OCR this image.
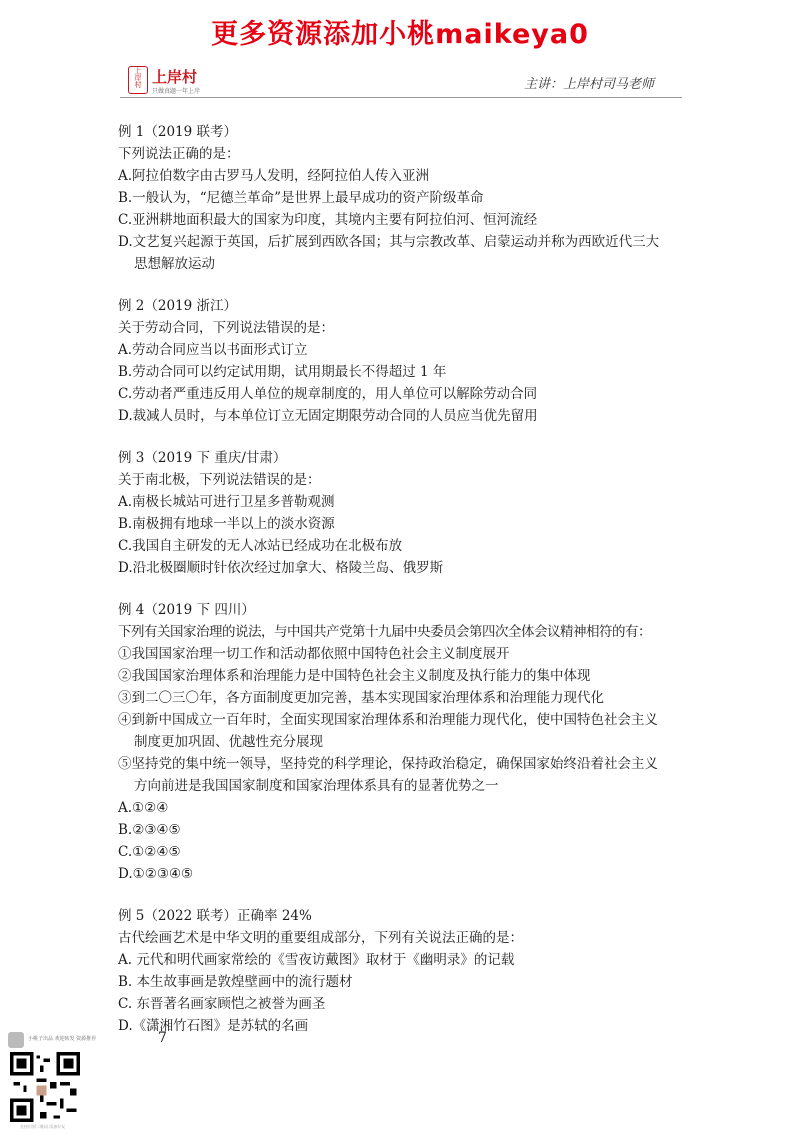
更多资源添加小桃maikeya0
上岸村 上岸村
只做真题一年上岸	主讲：上岸村司马老师

例 1（2019 联考）

下列说法正确的是：

A.阿拉伯数字由古罗马人发明，经阿拉伯人传入亚洲

B.一般认为，“尼德兰革命”是世界上最早成功的资产阶级革命

C.亚洲耕地面积最大的国家为印度，其境内主要有阿拉伯河、恒河流经

D.文艺复兴起源于英国，后扩展到西欧各国；其与宗教改革、启蒙运动并称为西欧近代三大

思想解放运动

例 2（2019 浙江）

关于劳动合同，下列说法错误的是：

A.劳动合同应当以书面形式订立

B.劳动合同可以约定试用期，试用期最长不得超过 1 年

C.劳动者严重违反用人单位的规章制度的，用人单位可以解除劳动合同

D.裁减人员时，与本单位订立无固定期限劳动合同的人员应当优先留用

例 3（2019 下 重庆/甘肃）

关于南北极，下列说法错误的是：

A.南极长城站可进行卫星多普勒观测

B.南极拥有地球一半以上的淡水资源

C.我国自主研发的无人冰站已经成功在北极布放

D.沿北极圈顺时针依次经过加拿大、格陵兰岛、俄罗斯

例 4（2019 下 四川）

下列有关国家治理的说法，与中国共产党第十九届中央委员会第四次全体会议精神相符的有：

①我国国家治理一切工作和活动都依照中国特色社会主义制度展开

②我国国家治理体系和治理能力是中国特色社会主义制度及执行能力的集中体现

③到二〇三〇年，各方面制度更加完善，基本实现国家治理体系和治理能力现代化

④到新中国成立一百年时，全面实现国家治理体系和治理能力现代化，使中国特色社会主义

制度更加巩固、优越性充分展现

⑤坚持党的集中统一领导，坚持党的科学理论，保持政治稳定，确保国家始终沿着社会主义

方向前进是我国国家制度和国家治理体系具有的显著优势之一

A.①②④

B.②③④⑤

C.①②④⑤

D.①②③④⑤

例 5（2022 联考）正确率 24%

古代绘画艺术是中华文明的重要组成部分，下列有关说法正确的是：

A. 元代和明代画家常绘的《雪夜访戴图》取材于《幽明录》的记载

B. 本生故事画是敦煌壁画中的流行题材

C. 东晋著名画家顾恺之被誉为画圣

D.《潇湘竹石图》是苏轼的名画

7
小桃子出品 欢迎转发 资源推荐
长按识别二维码 添加好友
